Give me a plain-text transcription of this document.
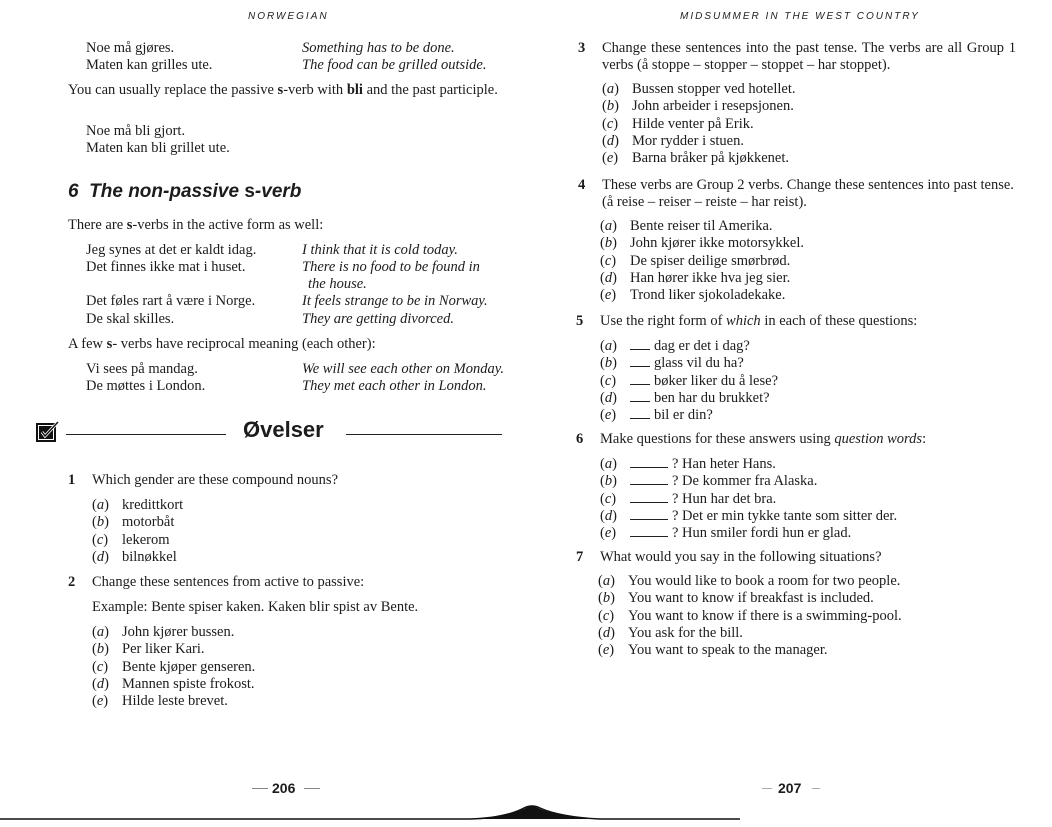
NORWEGIAN	MIDSUMMER IN THE WEST COUNTRY
Noe må gjøres.	Something has to be done.
Maten kan grilles ute.	The food can be grilled outside.
You can usually replace the passive s-verb with bli and the past participle.
Noe må bli gjort.
Maten kan bli grillet ute.
6 The non-passive s-verb
There are s-verbs in the active form as well:
Jeg synes at det er kaldt idag.	I think that it is cold today.
Det finnes ikke mat i huset.	There is no food to be found in
the house.
Det føles rart å være i Norge.	It feels strange to be in Norway.
De skal skilles.	They are getting divorced.
A few s- verbs have reciprocal meaning (each other):
Vi sees på mandag.	We will see each other on Monday.
De møttes i London.	They met each other in London.
Øvelser
1 Which gender are these compound nouns?
( a ) kredittkort
( b ) motorbåt
( c ) lekerom
( d ) bilnøkkel
2 Change these sentences from active to passive:
Example: Bente spiser kaken. Kaken blir spist av Bente.
( a ) John kjører bussen.
( b ) Per liker Kari.
( c ) Bente kjøper genseren.
( d ) Mannen spiste frokost.
( e ) Hilde leste brevet.
206
3 Change these sentences into the past tense. The verbs are all Group 1 verbs (å stoppe – stopper – stoppet – har stoppet).
( a ) Bussen stopper ved hotellet.
( b ) John arbeider i resepsjonen.
( c ) Hilde venter på Erik.
( d ) Mor rydder i stuen.
( e ) Barna bråker på kjøkkenet.
4 These verbs are Group 2 verbs. Change these sentences into past tense. (å reise – reiser – reiste – har reist).
( a ) Bente reiser til Amerika.
( b ) John kjører ikke motorsykkel.
( c ) De spiser deilige smørbrød.
( d ) Han hører ikke hva jeg sier.
( e ) Trond liker sjokoladekake.
5 Use the right form of which in each of these questions:
( a )	dag er det i dag?
( b )	glass vil du ha?
( c )	bøker liker du å lese?
( d )	ben har du brukket?
( e )	bil er din?
6 Make questions for these answers using question words:
( a )	? Han heter Hans.
( b )	? De kommer fra Alaska.
( c )	? Hun har det bra.
( d )	? Det er min tykke tante som sitter der.
( e )	? Hun smiler fordi hun er glad.
7 What would you say in the following situations?
( a ) You would like to book a room for two people.
( b ) You want to know if breakfast is included.
( c ) You want to know if there is a swimming-pool.
( d ) You ask for the bill.
( e ) You want to speak to the manager.
207
